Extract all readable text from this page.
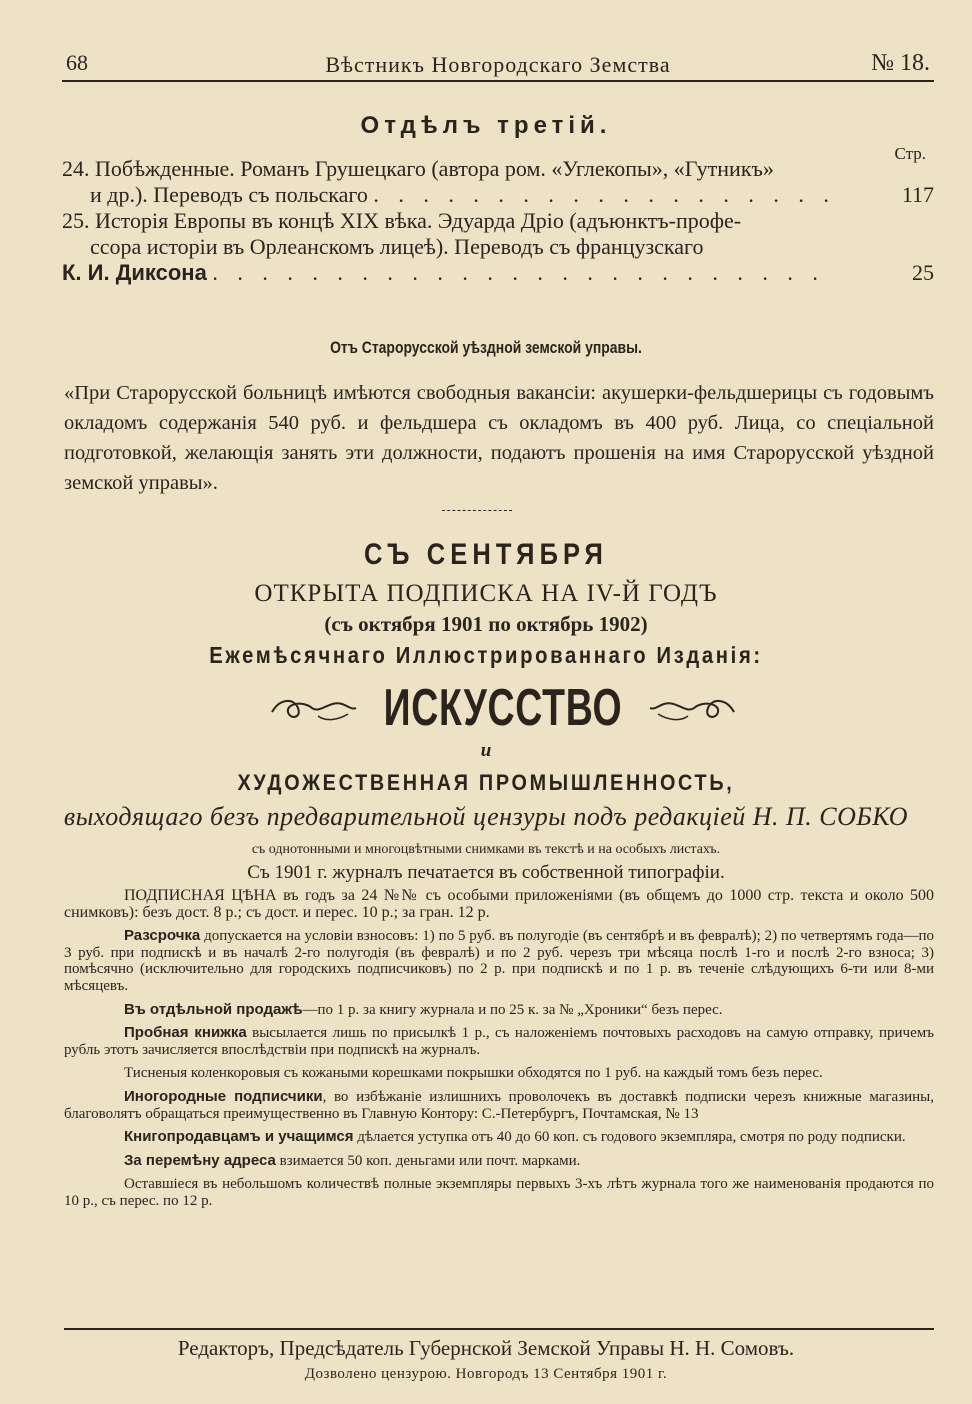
68	Вѣстникъ Новгородскаго Земства	№ 18.
Отдѣлъ третій.
Стр.
24. Побѣжденные. Романъ Грушецкаго (автора ром. «Углекопы», «Гутникъ»
и др.). Переводъ съ польскаго . . . . . . . . . . . . . . . . . . .	117
25. Исторія Европы въ концѣ XIX вѣка. Эдуарда Дріо (адъюнктъ-профе-
ссора исторіи въ Орлеанскомъ лицеѣ). Переводъ съ французскаго
К. И. Диксона . . . . . . . . . . . . . . . . . . . . . . . . .	25
Отъ Старорусской уѣздной земской управы.
«При Старорусской больницѣ имѣются свободныя вакансіи: акушерки-фельдшерицы съ годовымъ окладомъ содержанія 540 руб. и фельдшера съ окладомъ въ 400 руб. Лица, со спеціальной подготовкой, желающія занять эти должности, подаютъ прошенія на имя Старорусской уѣздной земской управы».
СЪ СЕНТЯБРЯ
ОТКРЫТА ПОДПИСКА НА IV-Й ГОДЪ
(съ октября 1901 по октябрь 1902)
Ежемѣсячнаго Иллюстрированнаго Изданія:
ИСКУССТВО
и
ХУДОЖЕСТВЕННАЯ ПРОМЫШЛЕННОСТЬ,
выходящаго безъ предварительной цензуры подъ редакціей Н. П. СОБКО
съ однотонными и многоцвѣтными снимками въ текстѣ и на особыхъ листахъ.
Съ 1901 г. журналъ печатается въ собственной типографіи.

ПОДПИСНАЯ ЦѢНА въ годъ за 24 №№ съ особыми приложеніями (въ общемъ до 1000 стр. текста и около 500 снимковъ): безъ дост. 8 р.; съ дост. и перес. 10 р.; за гран. 12 р.

Разсрочка допускается на условіи взносовъ: 1) по 5 руб. въ полугодіе (въ сентябрѣ и въ февралѣ); 2) по четвертямъ года—по 3 руб. при подпискѣ и въ началѣ 2-го полугодія (въ февралѣ) и по 2 руб. черезъ три мѣсяца послѣ 1-го и послѣ 2-го взноса; 3) помѣсячно (исключительно для городскихъ подписчиковъ) по 2 р. при подпискѣ и по 1 р. въ теченіе слѣдующихъ 6-ти или 8-ми мѣсяцевъ.

Въ отдѣльной продажѣ—по 1 р. за книгу журнала и по 25 к. за № „Хроники“ безъ перес.

Пробная книжка высылается лишь по присылкѣ 1 р., съ наложеніемъ почтовыхъ расходовъ на самую отправку, причемъ рубль этотъ зачисляется впослѣдствіи при подпискѣ на журналъ.

Тисненыя коленкоровыя съ кожаными корешками покрышки обходятся по 1 руб. на каждый томъ безъ перес.

Иногородные подписчики, во избѣжаніе излишнихъ проволочекъ въ доставкѣ подписки черезъ книжные магазины, благоволятъ обращаться преимущественно въ Главную Контору: С.-Петербургъ, Почтамская, № 13

Книгопродавцамъ и учащимся дѣлается уступка отъ 40 до 60 коп. съ годового экземпляра, смотря по роду подписки.

За перемѣну адреса взимается 50 коп. деньгами или почт. марками.

Оставшіеся въ небольшомъ количествѣ полные экземпляры первыхъ 3-хъ лѣтъ журнала того же наименованія продаются по 10 р., съ перес. по 12 р.

Редакторъ, Предсѣдатель Губернской Земской Управы Н. Н. Сомовъ.
Дозволено цензурою. Новгородъ 13 Сентября 1901 г.
